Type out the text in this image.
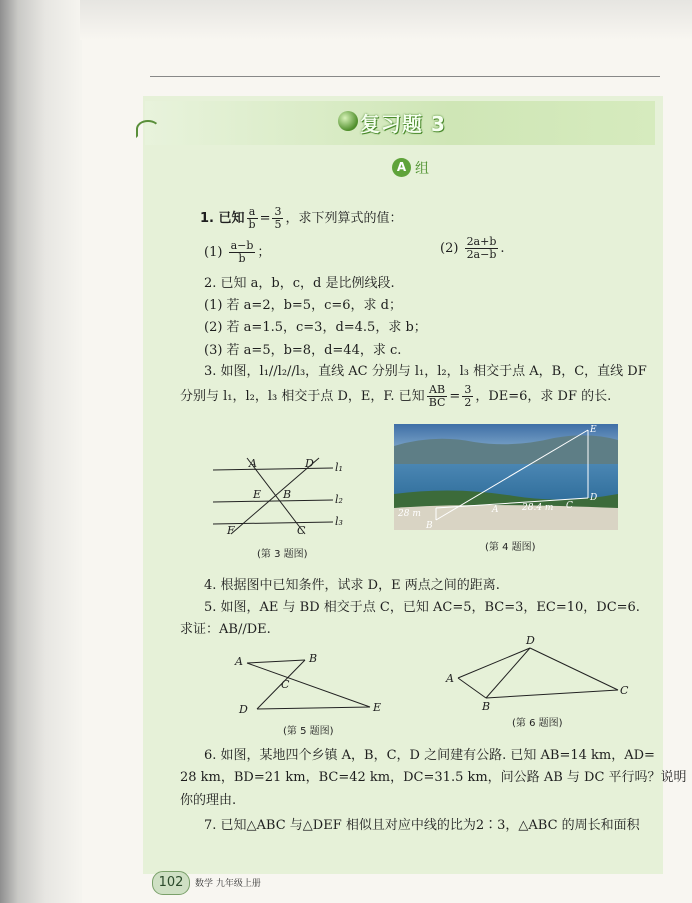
复习题 3
A 组
1. 已知 $\frac{a}{b} = \frac{3}{5}$ ，求下列算式的值：
$(1) \frac{a-b}{b}$ ；	$(2) \frac{2a+b}{2a-b}$ .
2. 已知 a，b，c，d 是比例线段.
(1) 若 a=2，b=5，c=6，求 d；
(2) 若 a=1.5，c=3，d=4.5，求 b；
(3) 若 a=5，b=8，d=44，求 c.
3. 如图，l₁//l₂//l₃，直线 AC 分别与 l₁，l₂，l₃ 相交于点 A，B，C，直线 DF
分别与 l₁，l₂，l₃ 相交于点 D，E，F. 已知 $\frac{AB}{BC} = \frac{3}{2}$ ，DE=6，求 DF 的长.
A	D
E B
F	C
l₁
l₂
l₃
(第 3 题图)
E
A
B
D
C
28 m
28.4 m
(第 4 题图)
4. 根据图中已知条件，试求 D，E 两点之间的距离.
5. 如图，AE 与 BD 相交于点 C，已知 AC=5，BC=3，EC=10，DC=6.
求证：AB//DE.
A	B
C
D	E
(第 5 题图)
D
A
B
C
(第 6 题图)
6. 如图，某地四个乡镇 A，B，C，D 之间建有公路. 已知 AB=14 km，AD=
28 km，BD=21 km，BC=42 km，DC=31.5 km，问公路 AB 与 DC 平行吗？说明
你的理由.
7. 已知△ABC 与△DEF 相似且对应中线的比为2∶3，△ABC 的周长和面积
102	数学 九年级上册
